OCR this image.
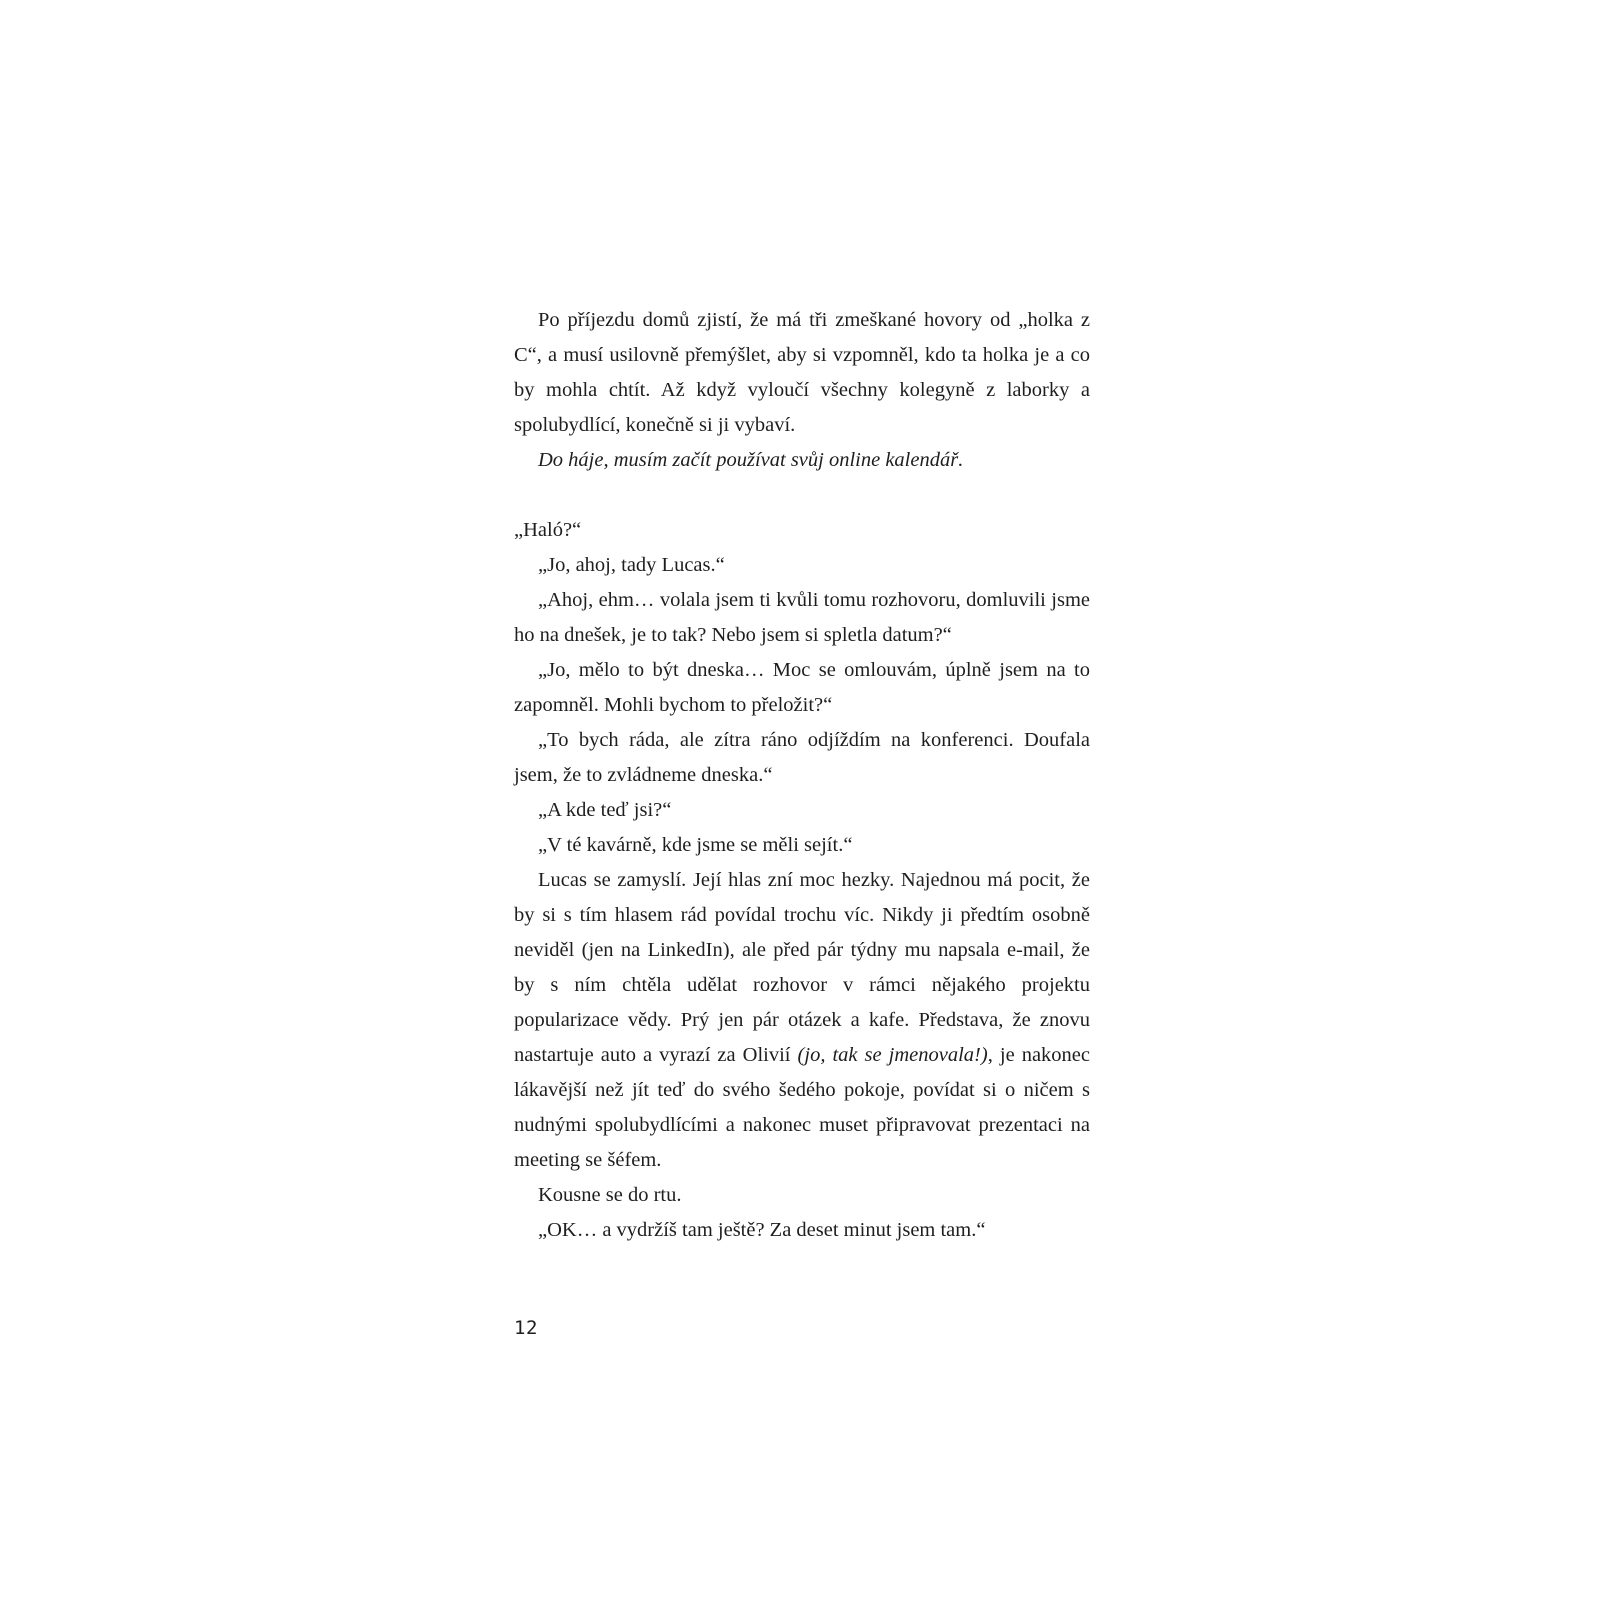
Po příjezdu domů zjistí, že má tři zmeškané hovory od „holka z C“, a musí usilovně přemýšlet, aby si vzpomněl, kdo ta holka je a co by mohla chtít. Až když vyloučí všechny kolegyně z laborky a spolubydlící, konečně si ji vybaví.

Do háje, musím začít používat svůj online kalendář.

„Haló?“

„Jo, ahoj, tady Lucas.“

„Ahoj, ehm… volala jsem ti kvůli tomu rozhovoru, domluvili jsme ho na dnešek, je to tak? Nebo jsem si spletla datum?“

„Jo, mělo to být dneska… Moc se omlouvám, úplně jsem na to zapomněl. Mohli bychom to přeložit?“

„To bych ráda, ale zítra ráno odjíždím na konferenci. Doufala jsem, že to zvládneme dneska.“

„A kde teď jsi?“

„V té kavárně, kde jsme se měli sejít.“

Lucas se zamyslí. Její hlas zní moc hezky. Najednou má pocit, že by si s tím hlasem rád povídal trochu víc. Nikdy ji předtím osobně neviděl (jen na LinkedIn), ale před pár týdny mu napsala e-mail, že by s ním chtěla udělat rozhovor v rámci nějakého projektu popularizace vědy. Prý jen pár otázek a kafe. Představa, že znovu nastartuje auto a vyrazí za Olivií (jo, tak se jmenovala!), je nakonec lákavější než jít teď do svého šedého pokoje, povídat si o ničem s nudnými spolubydlícími a nakonec muset připravovat prezentaci na meeting se šéfem.

Kousne se do rtu.

„OK… a vydržíš tam ještě? Za deset minut jsem tam.“

12
